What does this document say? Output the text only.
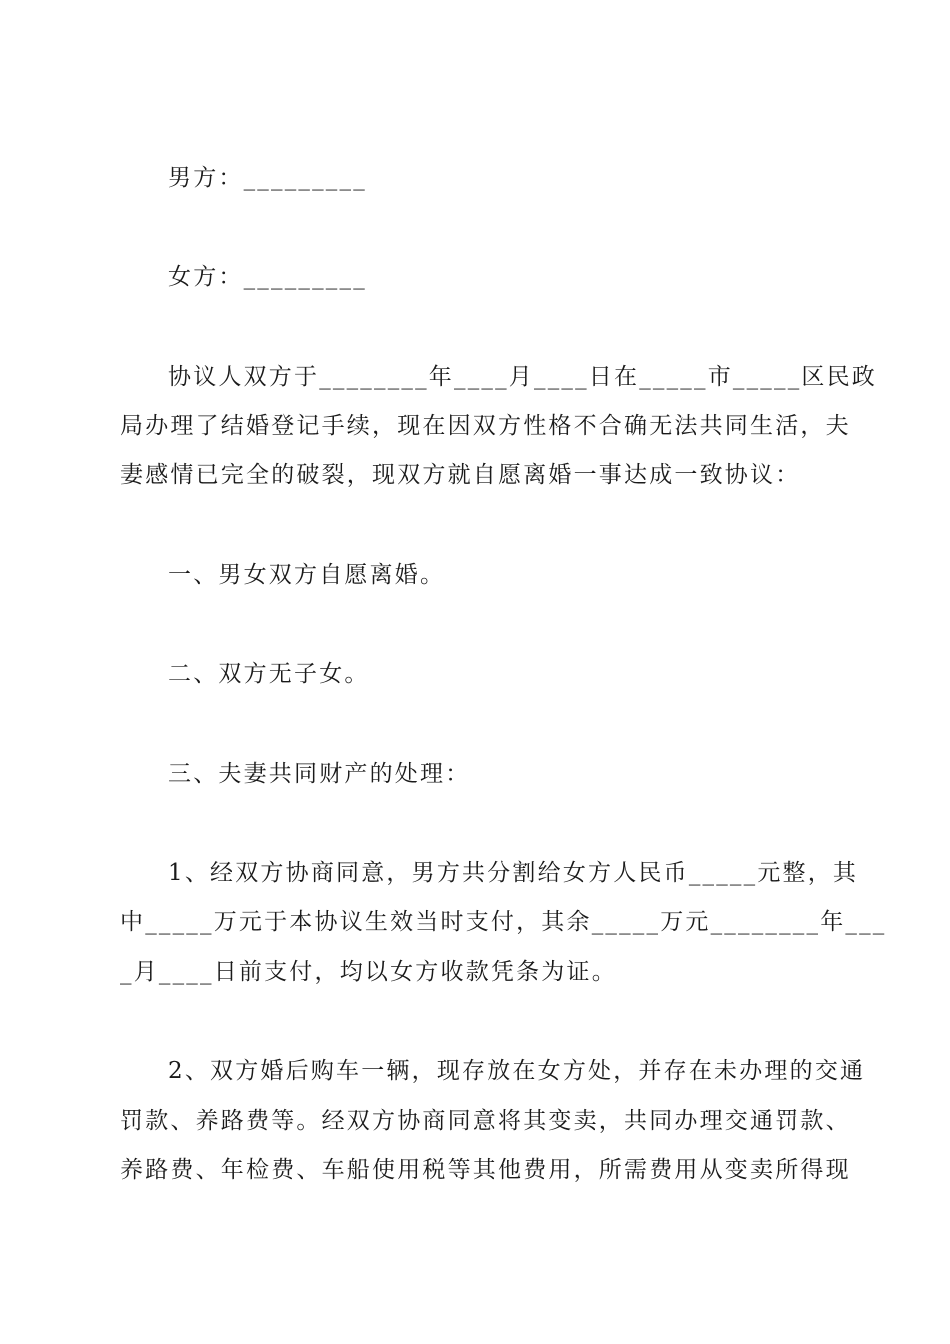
男方：_________
女方：_________
协议人双方于________年____月____日在_____市_____区民政
局办理了结婚登记手续，现在因双方性格不合确无法共同生活，夫
妻感情已完全的破裂，现双方就自愿离婚一事达成一致协议：
一、男女双方自愿离婚。
二、双方无子女。
三、夫妻共同财产的处理：
1、经双方协商同意，男方共分割给女方人民币_____元整，其
中_____万元于本协议生效当时支付，其余_____万元________年___
_月____日前支付，均以女方收款凭条为证。
2、双方婚后购车一辆，现存放在女方处，并存在未办理的交通
罚款、养路费等。经双方协商同意将其变卖，共同办理交通罚款、
养路费、年检费、车船使用税等其他费用，所需费用从变卖所得现
